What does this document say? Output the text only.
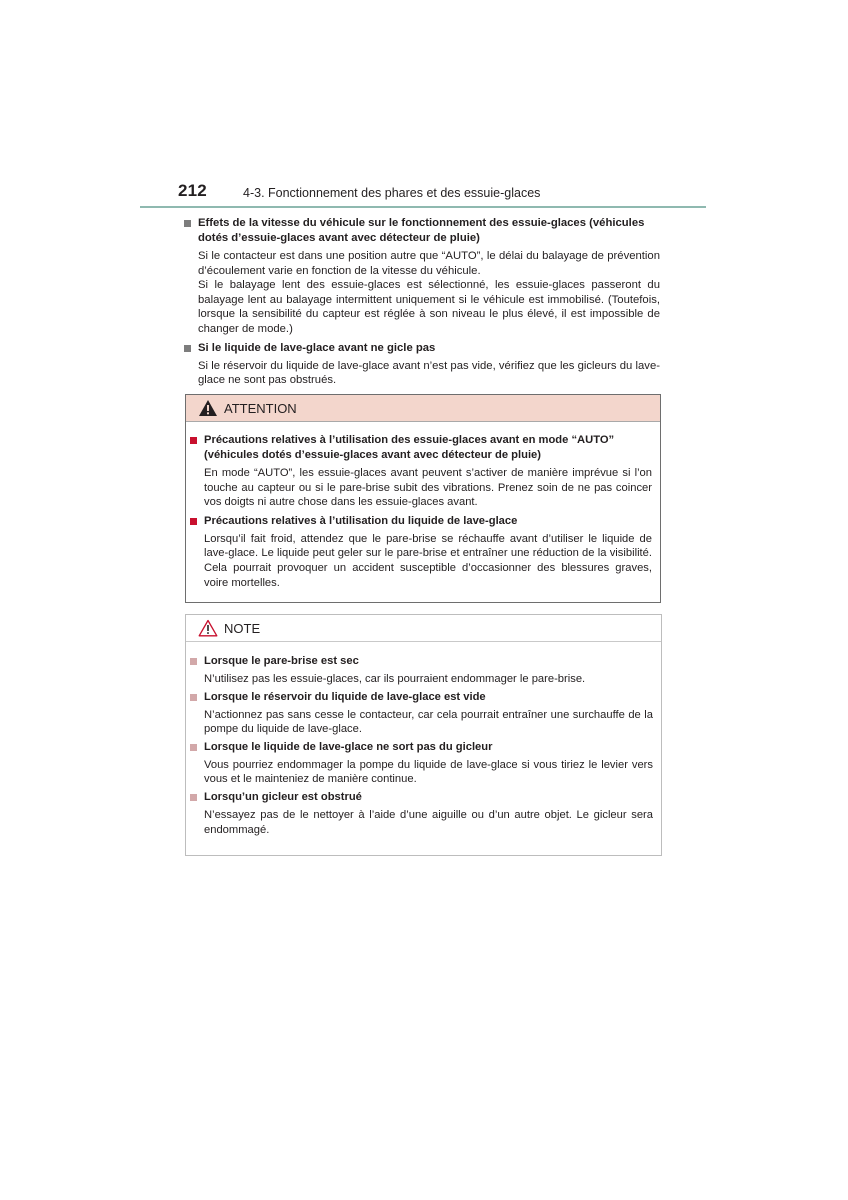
212	4-3. Fonctionnement des phares et des essuie-glaces
Effets de la vitesse du véhicule sur le fonctionnement des essuie-glaces (véhicules dotés d’essuie-glaces avant avec détecteur de pluie)
Si le contacteur est dans une position autre que “AUTO”, le délai du balayage de prévention d’écoulement varie en fonction de la vitesse du véhicule.
Si le balayage lent des essuie-glaces est sélectionné, les essuie-glaces passeront du balayage lent au balayage intermittent uniquement si le véhicule est immobilisé. (Toutefois, lorsque la sensibilité du capteur est réglée à son niveau le plus élevé, il est impossible de changer de mode.)
Si le liquide de lave-glace avant ne gicle pas
Si le réservoir du liquide de lave-glace avant n’est pas vide, vérifiez que les gicleurs du lave-glace ne sont pas obstrués.
ATTENTION
Précautions relatives à l’utilisation des essuie-glaces avant en mode “AUTO” (véhicules dotés d’essuie-glaces avant avec détecteur de pluie)
En mode “AUTO”, les essuie-glaces avant peuvent s’activer de manière imprévue si l’on touche au capteur ou si le pare-brise subit des vibrations. Prenez soin de ne pas coincer vos doigts ni autre chose dans les essuie-glaces avant.
Précautions relatives à l’utilisation du liquide de lave-glace
Lorsqu’il fait froid, attendez que le pare-brise se réchauffe avant d’utiliser le liquide de lave-glace. Le liquide peut geler sur le pare-brise et entraîner une réduction de la visibilité. Cela pourrait provoquer un accident susceptible d’occasionner des blessures graves, voire mortelles.
NOTE
Lorsque le pare-brise est sec
N’utilisez pas les essuie-glaces, car ils pourraient endommager le pare-brise.
Lorsque le réservoir du liquide de lave-glace est vide
N’actionnez pas sans cesse le contacteur, car cela pourrait entraîner une surchauffe de la pompe du liquide de lave-glace.
Lorsque le liquide de lave-glace ne sort pas du gicleur
Vous pourriez endommager la pompe du liquide de lave-glace si vous tiriez le levier vers vous et le mainteniez de manière continue.
Lorsqu’un gicleur est obstrué
N’essayez pas de le nettoyer à l’aide d’une aiguille ou d’un autre objet. Le gicleur sera endommagé.
